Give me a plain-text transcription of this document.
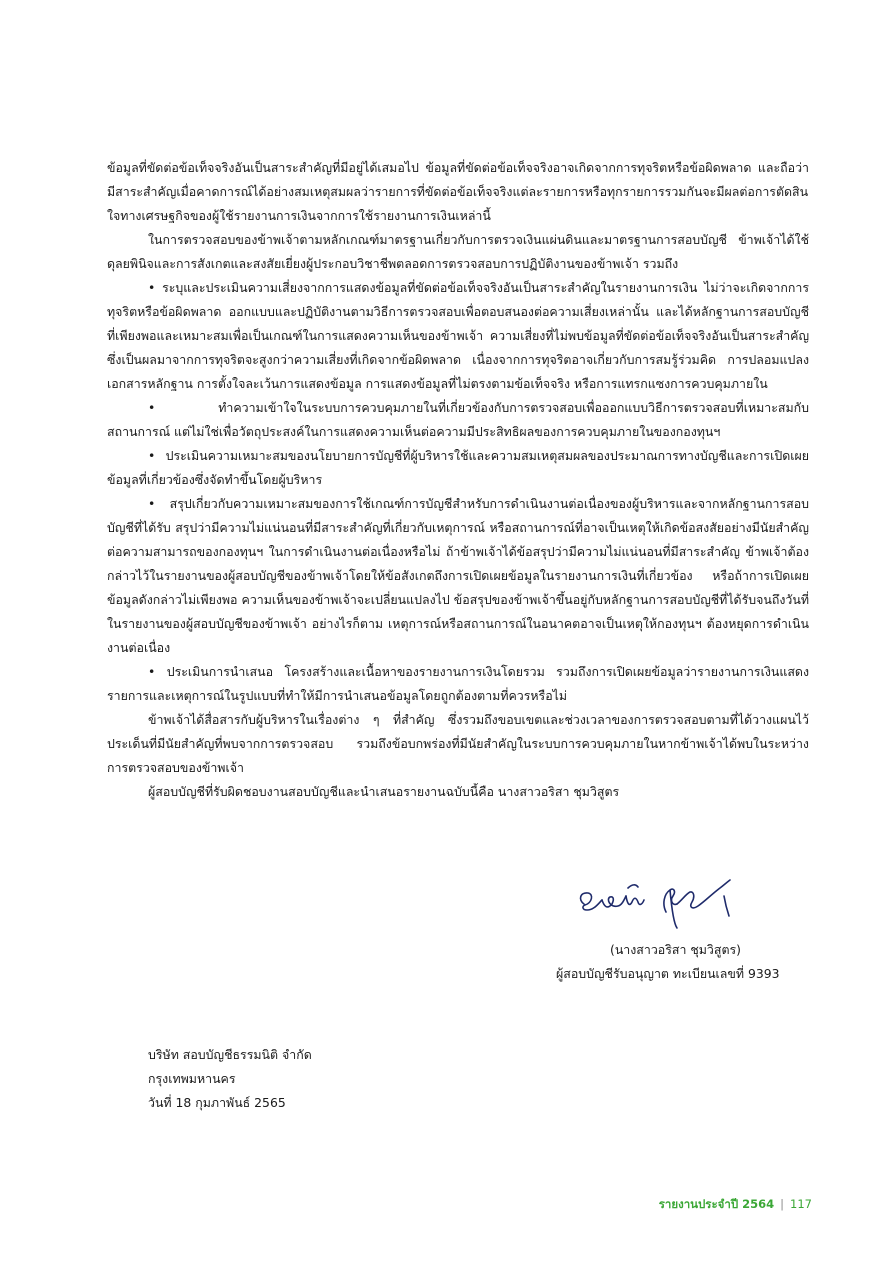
ข้อมูลที่ขัดต่อข้อเท็จจริงอันเป็นสาระสำคัญที่มีอยู่ได้เสมอไป ข้อมูลที่ขัดต่อข้อเท็จจริงอาจเกิดจากการทุจริตหรือข้อผิดพลาด และถือว่ามีสาระสำคัญเมื่อคาดการณ์ได้อย่างสมเหตุสมผลว่ารายการที่ขัดต่อข้อเท็จจริงแต่ละรายการหรือทุกรายการรวมกันจะมีผลต่อการตัดสินใจทางเศรษฐกิจของผู้ใช้รายงานการเงินจากการใช้รายงานการเงินเหล่านี้

ในการตรวจสอบของข้าพเจ้าตามหลักเกณฑ์มาตรฐานเกี่ยวกับการตรวจเงินแผ่นดินและมาตรฐานการสอบบัญชี ข้าพเจ้าได้ใช้ดุลยพินิจและการสังเกตและสงสัยเยี่ยงผู้ประกอบวิชาชีพตลอดการตรวจสอบการปฏิบัติงานของข้าพเจ้า รวมถึง

• ระบุและประเมินความเสี่ยงจากการแสดงข้อมูลที่ขัดต่อข้อเท็จจริงอันเป็นสาระสำคัญในรายงานการเงิน ไม่ว่าจะเกิดจากการทุจริตหรือข้อผิดพลาด ออกแบบและปฏิบัติงานตามวิธีการตรวจสอบเพื่อตอบสนองต่อความเสี่ยงเหล่านั้น และได้หลักฐานการสอบบัญชีที่เพียงพอและเหมาะสมเพื่อเป็นเกณฑ์ในการแสดงความเห็นของข้าพเจ้า ความเสี่ยงที่ไม่พบข้อมูลที่ขัดต่อข้อเท็จจริงอันเป็นสาระสำคัญซึ่งเป็นผลมาจากการทุจริตจะสูงกว่าความเสี่ยงที่เกิดจากข้อผิดพลาด เนื่องจากการทุจริตอาจเกี่ยวกับการสมรู้ร่วมคิด การปลอมแปลงเอกสารหลักฐาน การตั้งใจละเว้นการแสดงข้อมูล การแสดงข้อมูลที่ไม่ตรงตามข้อเท็จจริง หรือการแทรกแซงการควบคุมภายใน

• ทำความเข้าใจในระบบการควบคุมภายในที่เกี่ยวข้องกับการตรวจสอบเพื่อออกแบบวิธีการตรวจสอบที่เหมาะสมกับสถานการณ์ แต่ไม่ใช่เพื่อวัตถุประสงค์ในการแสดงความเห็นต่อความมีประสิทธิผลของการควบคุมภายในของกองทุนฯ

• ประเมินความเหมาะสมของนโยบายการบัญชีที่ผู้บริหารใช้และความสมเหตุสมผลของประมาณการทางบัญชีและการเปิดเผยข้อมูลที่เกี่ยวข้องซึ่งจัดทำขึ้นโดยผู้บริหาร

• สรุปเกี่ยวกับความเหมาะสมของการใช้เกณฑ์การบัญชีสำหรับการดำเนินงานต่อเนื่องของผู้บริหารและจากหลักฐานการสอบบัญชีที่ได้รับ สรุปว่ามีความไม่แน่นอนที่มีสาระสำคัญที่เกี่ยวกับเหตุการณ์ หรือสถานการณ์ที่อาจเป็นเหตุให้เกิดข้อสงสัยอย่างมีนัยสำคัญต่อความสามารถของกองทุนฯ ในการดำเนินงานต่อเนื่องหรือไม่ ถ้าข้าพเจ้าได้ข้อสรุปว่ามีความไม่แน่นอนที่มีสาระสำคัญ ข้าพเจ้าต้องกล่าวไว้ในรายงานของผู้สอบบัญชีของข้าพเจ้าโดยให้ข้อสังเกตถึงการเปิดเผยข้อมูลในรายงานการเงินที่เกี่ยวข้อง หรือถ้าการเปิดเผยข้อมูลดังกล่าวไม่เพียงพอ ความเห็นของข้าพเจ้าจะเปลี่ยนแปลงไป ข้อสรุปของข้าพเจ้าขึ้นอยู่กับหลักฐานการสอบบัญชีที่ได้รับจนถึงวันที่ในรายงานของผู้สอบบัญชีของข้าพเจ้า อย่างไรก็ตาม เหตุการณ์หรือสถานการณ์ในอนาคตอาจเป็นเหตุให้กองทุนฯ ต้องหยุดการดำเนินงานต่อเนื่อง

• ประเมินการนำเสนอ โครงสร้างและเนื้อหาของรายงานการเงินโดยรวม รวมถึงการเปิดเผยข้อมูลว่ารายงานการเงินแสดงรายการและเหตุการณ์ในรูปแบบที่ทำให้มีการนำเสนอข้อมูลโดยถูกต้องตามที่ควรหรือไม่

ข้าพเจ้าได้สื่อสารกับผู้บริหารในเรื่องต่าง ๆ ที่สำคัญ ซึ่งรวมถึงขอบเขตและช่วงเวลาของการตรวจสอบตามที่ได้วางแผนไว้ ประเด็นที่มีนัยสำคัญที่พบจากการตรวจสอบ รวมถึงข้อบกพร่องที่มีนัยสำคัญในระบบการควบคุมภายในหากข้าพเจ้าได้พบในระหว่างการตรวจสอบของข้าพเจ้า

ผู้สอบบัญชีที่รับผิดชอบงานสอบบัญชีและนำเสนอรายงานฉบับนี้คือ นางสาวอริสา ชุมวิสูตร

(นางสาวอริสา ชุมวิสูตร)
ผู้สอบบัญชีรับอนุญาต ทะเบียนเลขที่ 9393
บริษัท สอบบัญชีธรรมนิติ จำกัด
กรุงเทพมหานคร
วันที่ 18 กุมภาพันธ์ 2565
รายงานประจำปี 2564 | 117
